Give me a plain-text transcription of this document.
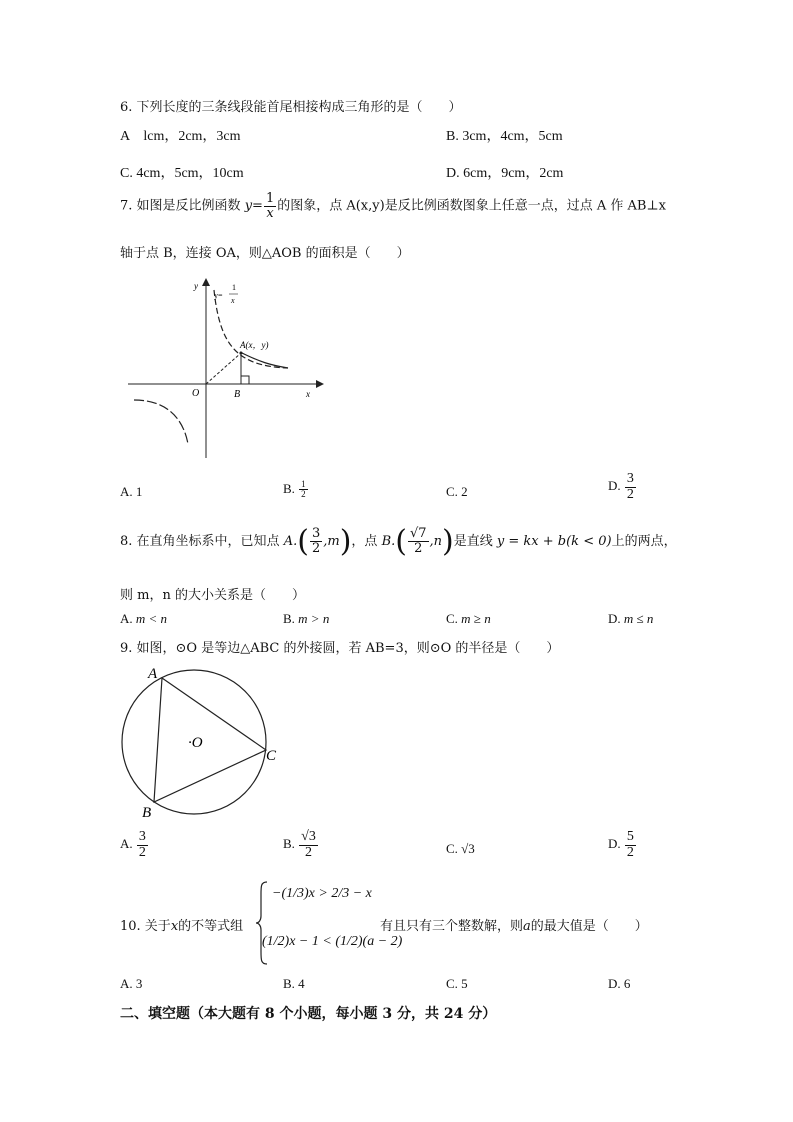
6. 下列长度的三条线段能首尾相接构成三角形的是（　　）
A　lcm，2cm，3cm	B. 3cm，4cm，5cm
C. 4cm，5cm，10cm	D. 6cm，9cm，2cm
7. 如图是反比例函数 $y= \frac{1}{x}$ 的图象，点 A(x,y)是反比例函数图象上任意一点，过点 A 作 AB⊥x
轴于点 B，连接 OA，则△AOB 的面积是（　　）
y
x
O
y=
1
x
A(x，y)
B
A. 1	B. $\frac{1}{2}$	C. 2	D. $\frac{3}{2}$
8. 在直角坐标系中，已知点 $A.( \frac{3}{2} ,m)$，点 $B.( \frac{√7}{2} ,n)$是直线 y = kx + b(k < 0)上的两点，
则 m，n 的大小关系是（　　）
A. m < n	B. m > n	C. m ≥ n	D. m ≤ n
9. 如图，⊙O 是等边△ABC 的外接圆，若 AB=3，则⊙O 的半径是（　　）
A
C
B
·O
A. $\frac{3}{2}$	B. $\frac{√3}{2}$	C. √3	D. $\frac{5}{2}$
10. 关于x的不等式组
−(1/3)x > 2/3 − x
(1/2)x − 1 < (1/2)(a − 2)
有且只有三个整数解，则a的最大值是（　　）
A. 3	B. 4	C. 5	D. 6
二、填空题（本大题有 8 个小题，每小题 3 分，共 24 分）
